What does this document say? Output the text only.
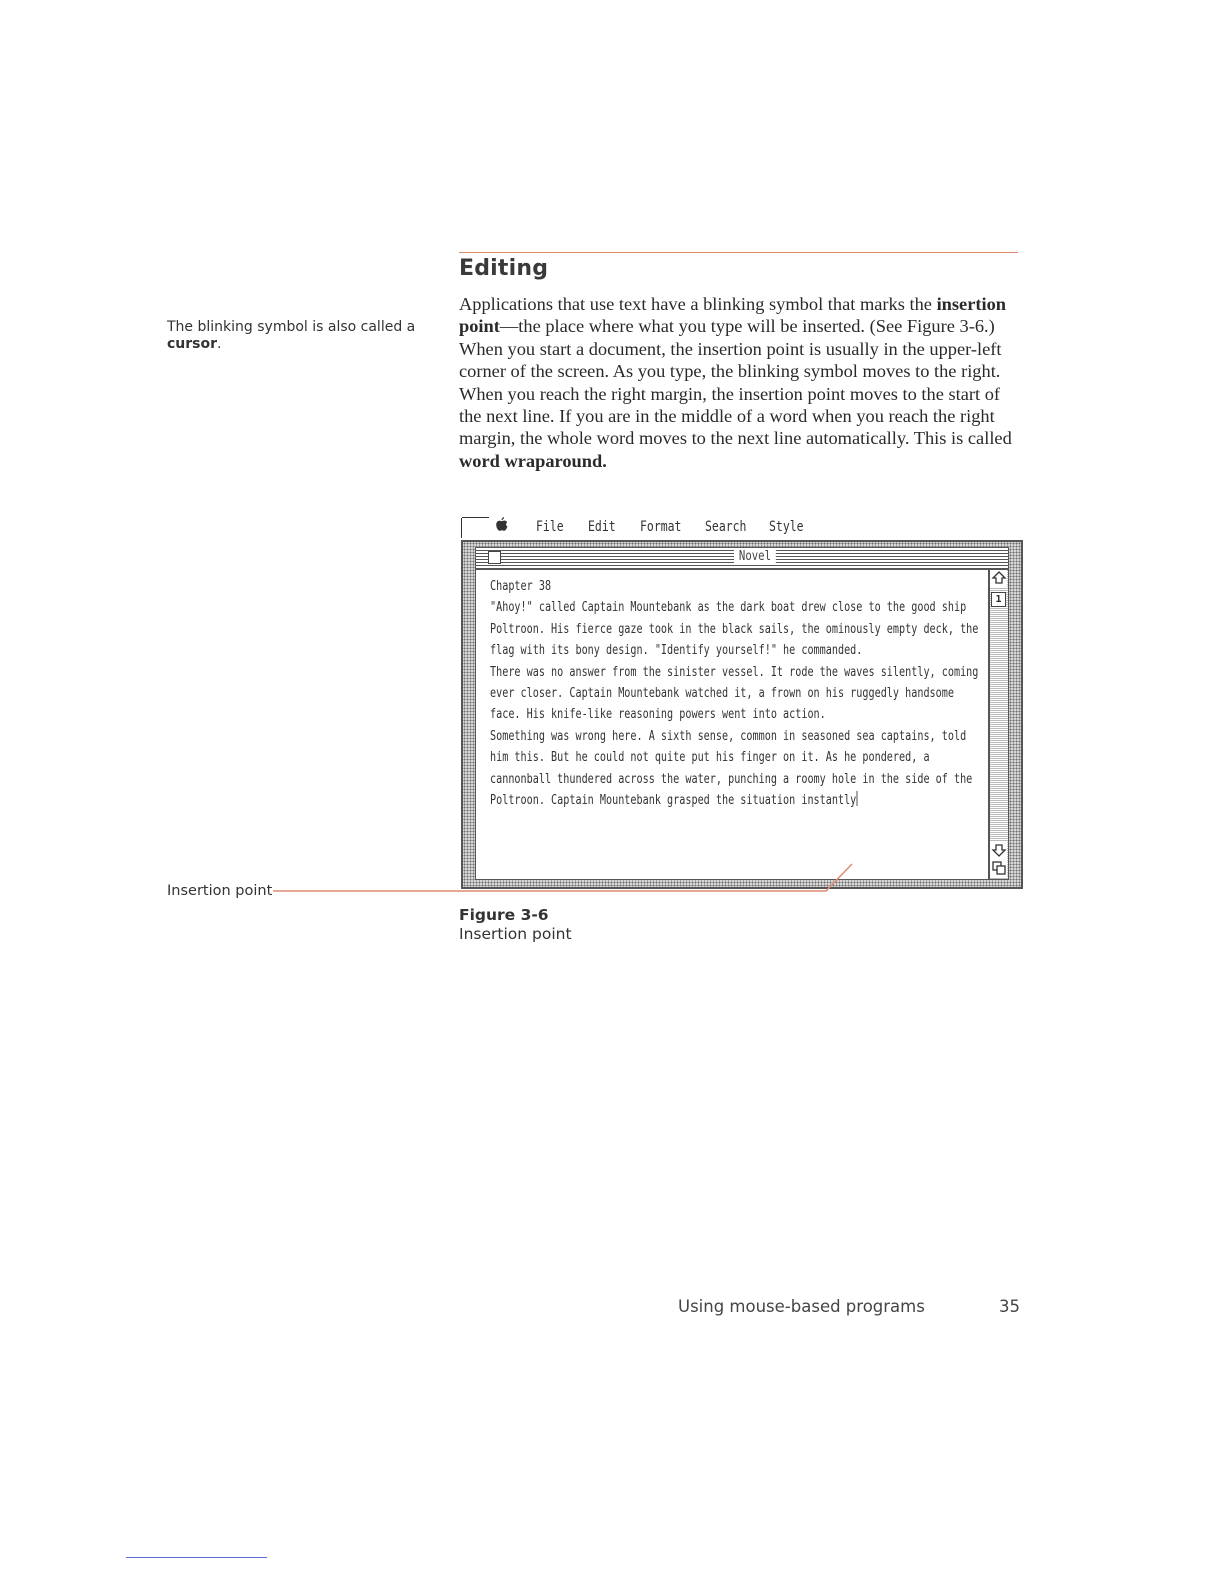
Editing
The blinking symbol is also called a cursor.
Applications that use text have a blinking symbol that marks the insertion point—the place where what you type will be inserted. (See Figure 3-6.) When you start a document, the insertion point is usually in the upper-left corner of the screen. As you type, the blinking symbol moves to the right. When you reach the right margin, the insertion point moves to the start of the next line. If you are in the middle of a word when you reach the right margin, the whole word moves to the next line automatically. This is called word wraparound.
File Edit Format Search Style
Novel

Chapter 38

"Ahoy!" called Captain Mountebank as the dark boat drew close to the good ship

Poltroon. His fierce gaze took in the black sails, the ominously empty deck, the

flag with its bony design. "Identify yourself!" he commanded.

There was no answer from the sinister vessel. It rode the waves silently, coming

ever closer. Captain Mountebank watched it, a frown on his ruggedly handsome

face. His knife-like reasoning powers went into action.

Something was wrong here. A sixth sense, common in seasoned sea captains, told

him this. But he could not quite put his finger on it. As he pondered, a

cannonball thundered across the water, punching a roomy hole in the side of the

Poltroon. Captain Mountebank grasped the situation instantly

1
Insertion point
Figure 3-6
Insertion point
Using mouse-based programs	35
